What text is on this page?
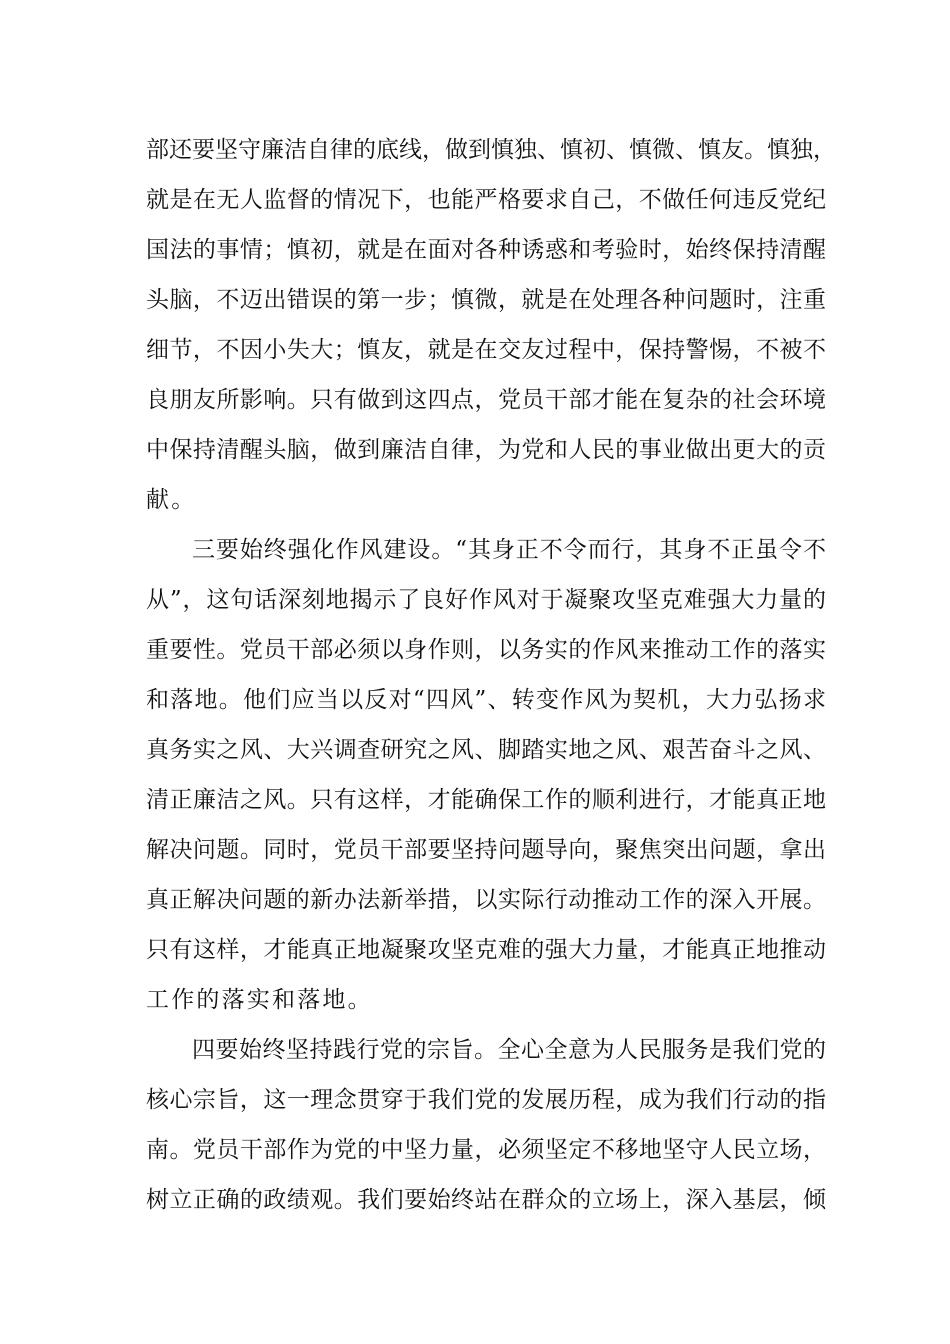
部还要坚守廉洁自律的底线，做到慎独、慎初、慎微、慎友。慎独，
就是在无人监督的情况下，也能严格要求自己，不做任何违反党纪
国法的事情；慎初，就是在面对各种诱惑和考验时，始终保持清醒
头脑，不迈出错误的第一步；慎微，就是在处理各种问题时，注重
细节，不因小失大；慎友，就是在交友过程中，保持警惕，不被不
良朋友所影响。只有做到这四点，党员干部才能在复杂的社会环境
中保持清醒头脑，做到廉洁自律，为党和人民的事业做出更大的贡
献。
三要始终强化作风建设。“其身正不令而行，其身不正虽令不
从”，这句话深刻地揭示了良好作风对于凝聚攻坚克难强大力量的
重要性。党员干部必须以身作则，以务实的作风来推动工作的落实
和落地。他们应当以反对“四风”、转变作风为契机，大力弘扬求
真务实之风、大兴调查研究之风、脚踏实地之风、艰苦奋斗之风、
清正廉洁之风。只有这样，才能确保工作的顺利进行，才能真正地
解决问题。同时，党员干部要坚持问题导向，聚焦突出问题，拿出
真正解决问题的新办法新举措，以实际行动推动工作的深入开展。
只有这样，才能真正地凝聚攻坚克难的强大力量，才能真正地推动
工作的落实和落地。
四要始终坚持践行党的宗旨。全心全意为人民服务是我们党的
核心宗旨，这一理念贯穿于我们党的发展历程，成为我们行动的指
南。党员干部作为党的中坚力量，必须坚定不移地坚守人民立场，
树立正确的政绩观。我们要始终站在群众的立场上，深入基层，倾
